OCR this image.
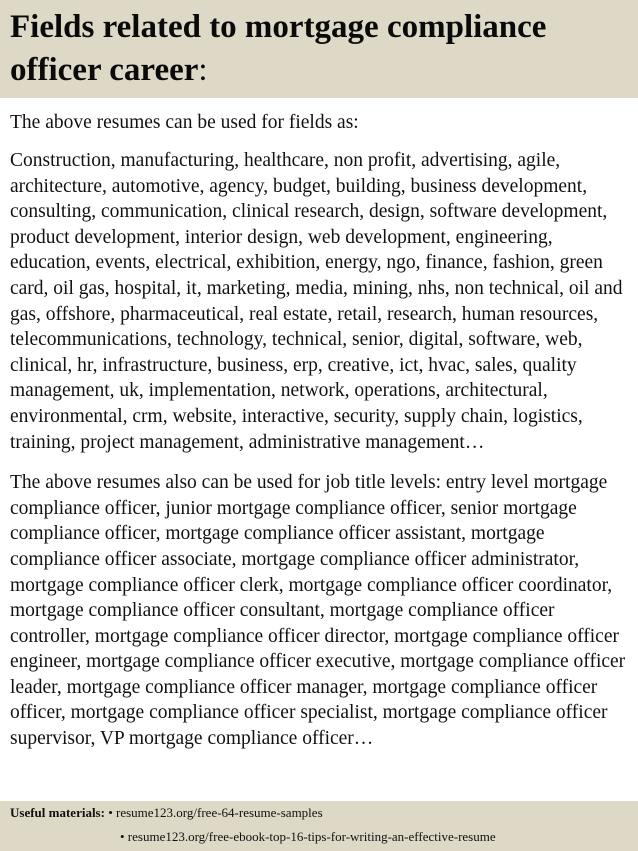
Fields related to mortgage compliance officer career:

The above resumes can be used for fields as:

Construction, manufacturing, healthcare, non profit, advertising, agile, architecture, automotive, agency, budget, building, business development, consulting, communication, clinical research, design, software development, product development, interior design, web development, engineering, education, events, electrical, exhibition, energy, ngo, finance, fashion, green card, oil gas, hospital, it, marketing, media, mining, nhs, non technical, oil and gas, offshore, pharmaceutical, real estate, retail, research, human resources, telecommunications, technology, technical, senior, digital, software, web, clinical, hr, infrastructure, business, erp, creative, ict, hvac, sales, quality management, uk, implementation, network, operations, architectural, environmental, crm, website, interactive, security, supply chain, logistics, training, project management, administrative management…

The above resumes also can be used for job title levels: entry level mortgage compliance officer, junior mortgage compliance officer, senior mortgage compliance officer, mortgage compliance officer assistant, mortgage compliance officer associate, mortgage compliance officer administrator, mortgage compliance officer clerk, mortgage compliance officer coordinator, mortgage compliance officer consultant, mortgage compliance officer controller, mortgage compliance officer director, mortgage compliance officer engineer, mortgage compliance officer executive, mortgage compliance officer leader, mortgage compliance officer manager, mortgage compliance officer officer, mortgage compliance officer specialist, mortgage compliance officer supervisor, VP mortgage compliance officer…

Useful materials: • resume123.org/free-64-resume-samples
• resume123.org/free-ebook-top-16-tips-for-writing-an-effective-resume
